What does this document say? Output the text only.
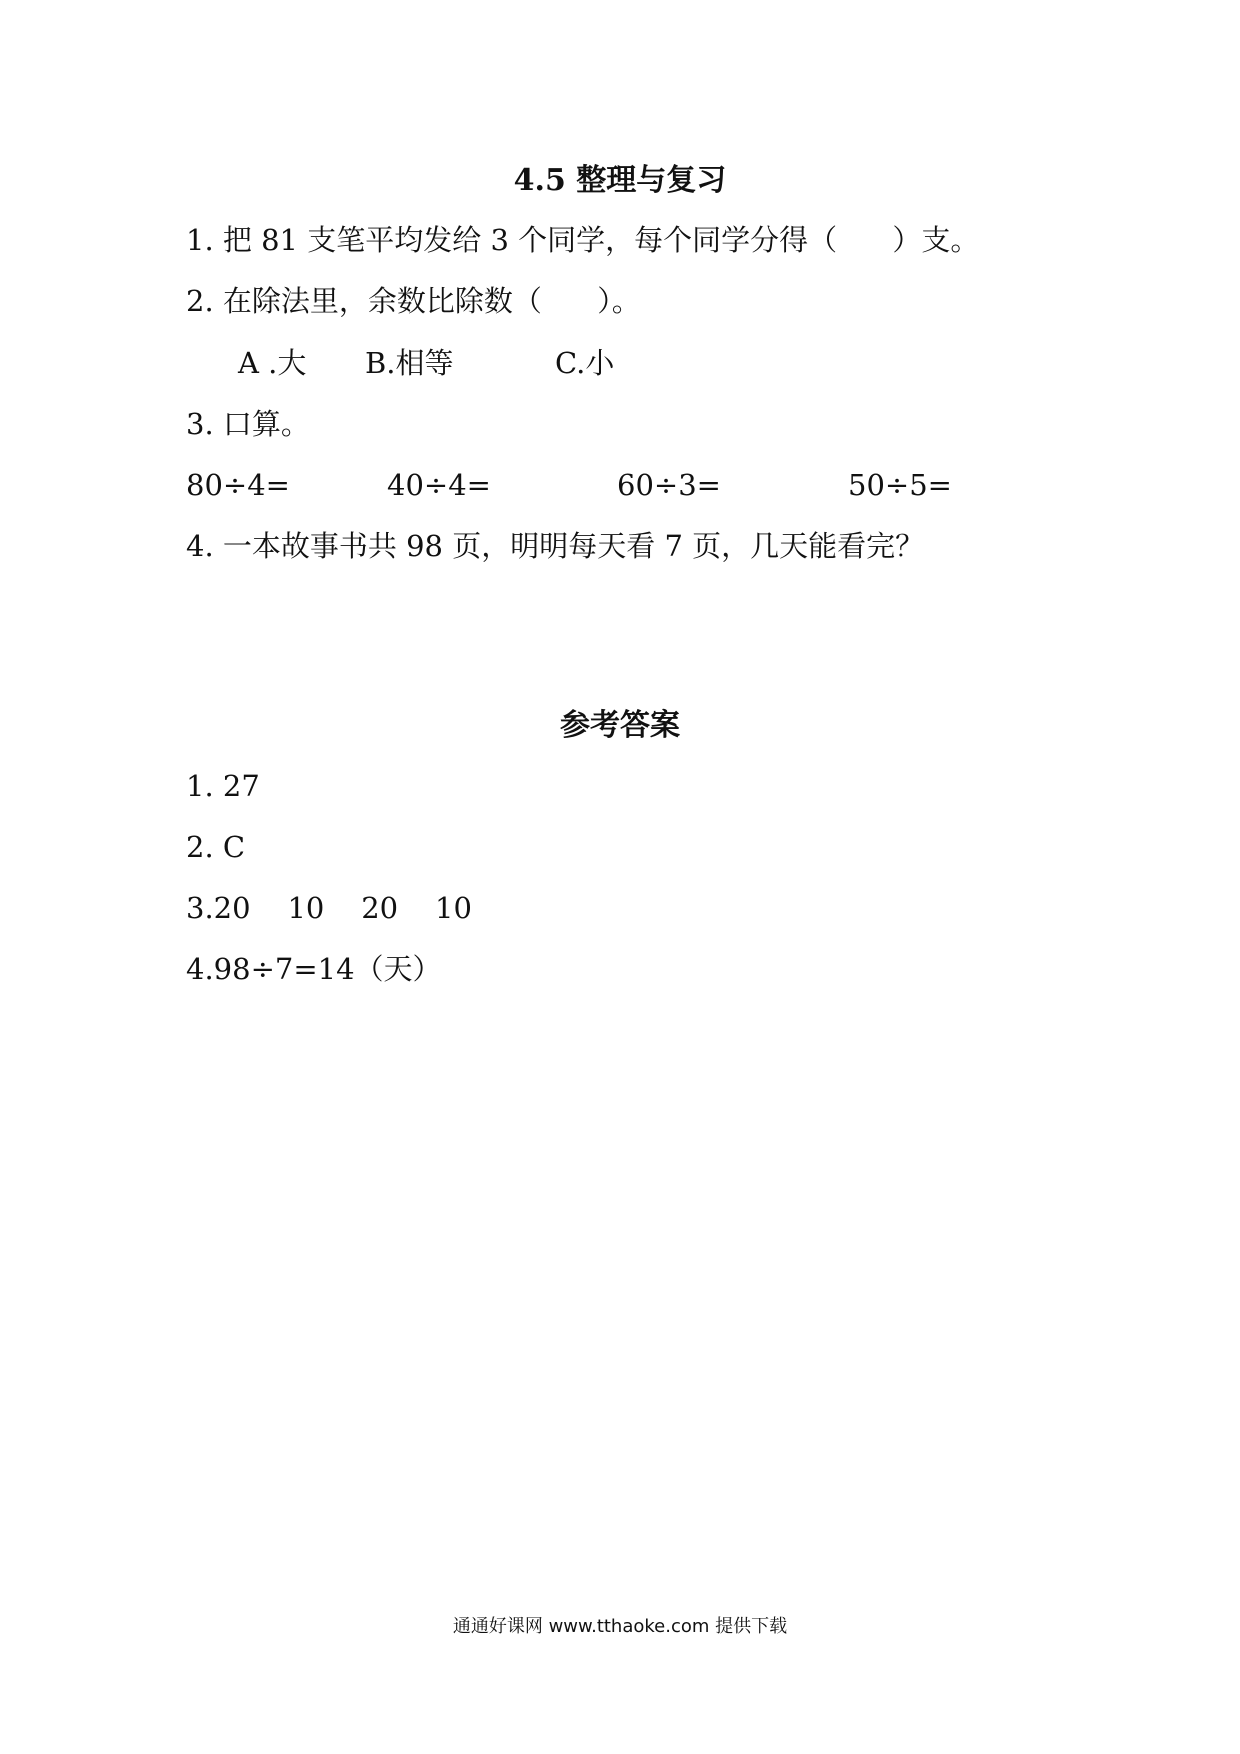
4.5 整理与复习
1. 把 81 支笔平均发给 3 个同学，每个同学分得（      ）支。
2. 在除法里，余数比除数（      ）。
A .大 B.相等	C.小
3. 口算。
80÷4=	40÷4=	60÷3=	50÷5=
4. 一本故事书共 98 页，明明每天看 7 页，几天能看完？
参考答案
1. 27
2. C
3.20    10    20    10
4.98÷7=14（天）
通通好课网 www.tthaoke.com 提供下载
